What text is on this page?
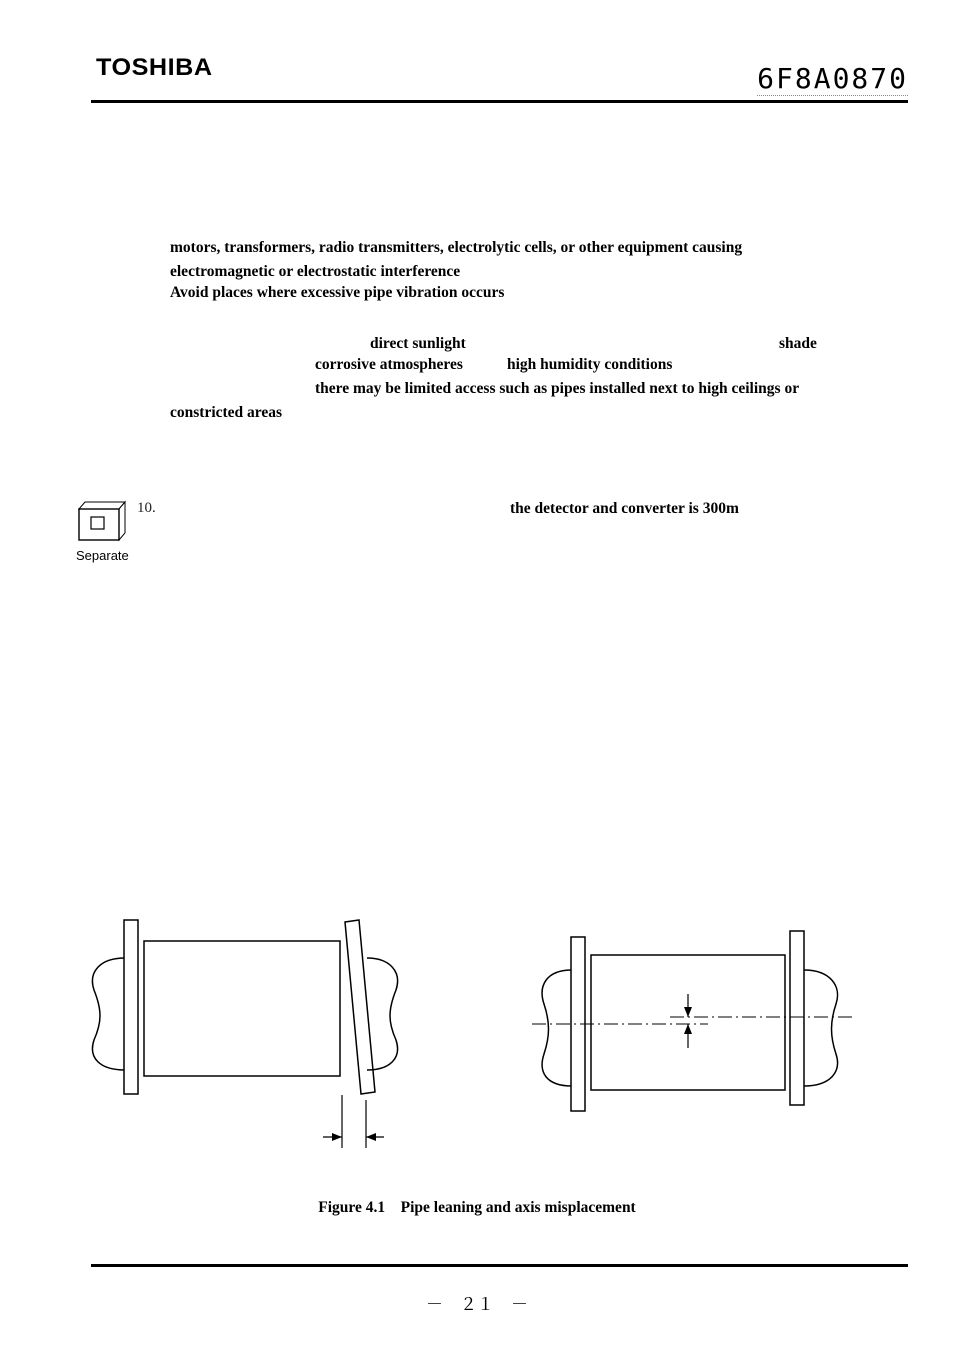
TOSHIBA	6F8A0870
motors, transformers, radio transmitters, electrolytic cells, or other equipment causing
electromagnetic or electrostatic interference
Avoid places where excessive pipe vibration occurs
direct sunlight	shade
corrosive atmospheres	high humidity conditions
there may be limited access such as pipes installed next to high ceilings or
constricted areas
Separate
10.	the detector and converter is 300m
Figure 4.1    Pipe leaning and axis misplacement
－　２１　－
